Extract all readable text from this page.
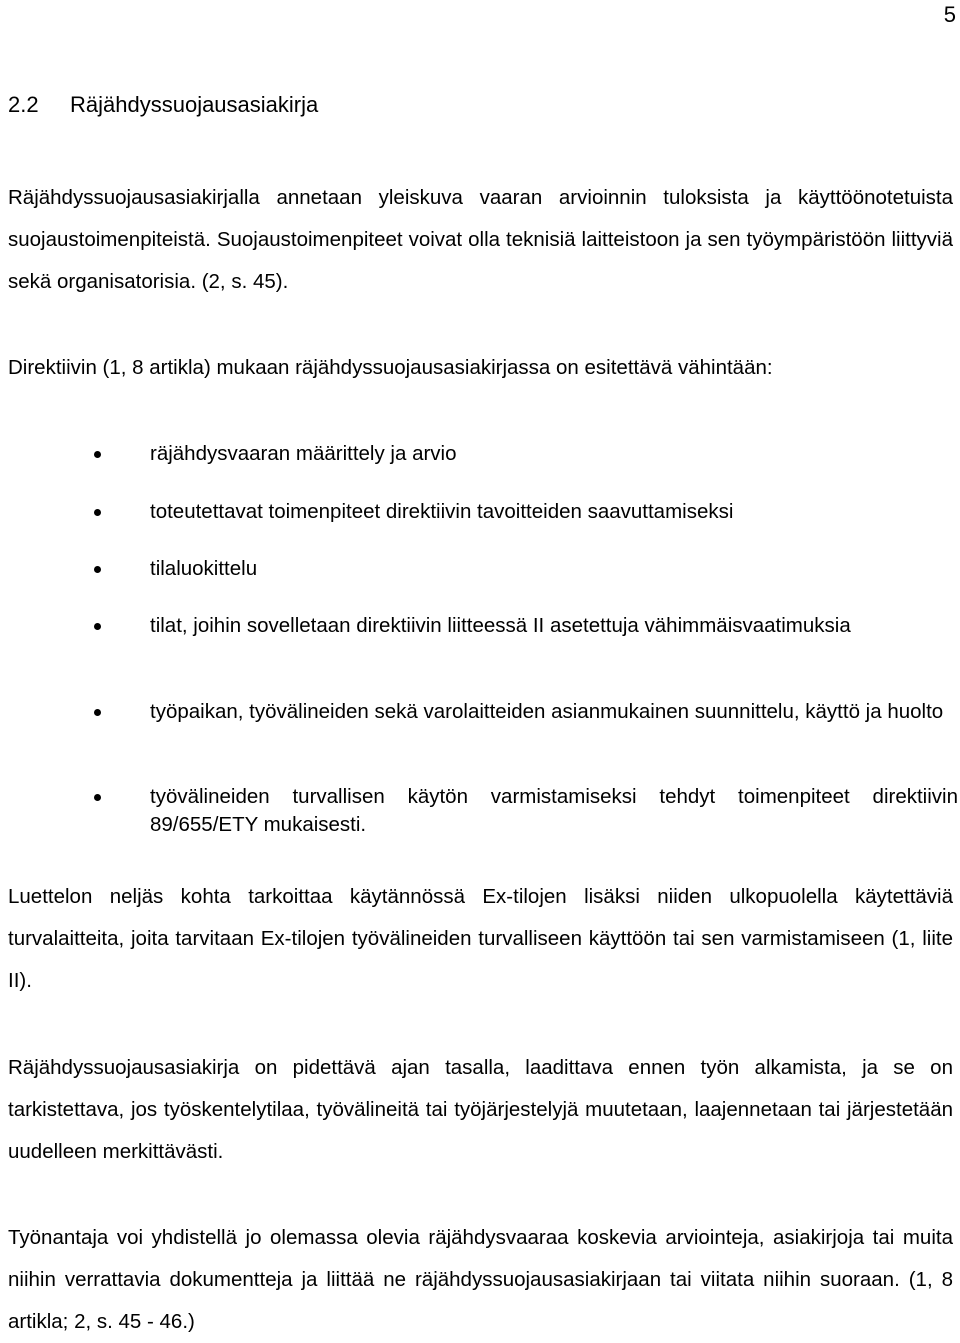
5
2.2 Räjähdyssuojausasiakirja

Räjähdyssuojausasiakirjalla annetaan yleiskuva vaaran arvioinnin tuloksista ja käyttöönotetuista suojaustoimenpiteistä. Suojaustoimenpiteet voivat olla teknisiä laitteistoon ja sen työympäristöön liittyviä sekä organisatorisia. (2, s. 45).

Direktiivin (1, 8 artikla) mukaan räjähdyssuojausasiakirjassa on esitettävä vähintään:

räjähdysvaaran määrittely ja arvio
toteutettavat toimenpiteet direktiivin tavoitteiden saavuttamiseksi
tilaluokittelu
tilat, joihin sovelletaan direktiivin liitteessä II asetettuja vähimmäisvaatimuksia
työpaikan, työvälineiden sekä varolaitteiden asianmukainen suunnittelu, käyttö ja huolto
työvälineiden turvallisen käytön varmistamiseksi tehdyt toimenpiteet direktiivin 89/655/ETY mukaisesti.

Luettelon neljäs kohta tarkoittaa käytännössä Ex-tilojen lisäksi niiden ulkopuolella käytettäviä turvalaitteita, joita tarvitaan Ex-tilojen työvälineiden turvalliseen käyttöön tai sen varmistamiseen (1, liite II).

Räjähdyssuojausasiakirja on pidettävä ajan tasalla, laadittava ennen työn alkamista, ja se on tarkistettava, jos työskentelytilaa, työvälineitä tai työjärjestelyjä muutetaan, laajennetaan tai järjestetään uudelleen merkittävästi.

Työnantaja voi yhdistellä jo olemassa olevia räjähdysvaaraa koskevia arviointeja, asiakirjoja tai muita niihin verrattavia dokumentteja ja liittää ne räjähdyssuojausasiakirjaan tai viitata niihin suoraan. (1, 8 artikla; 2, s. 45 - 46.)
